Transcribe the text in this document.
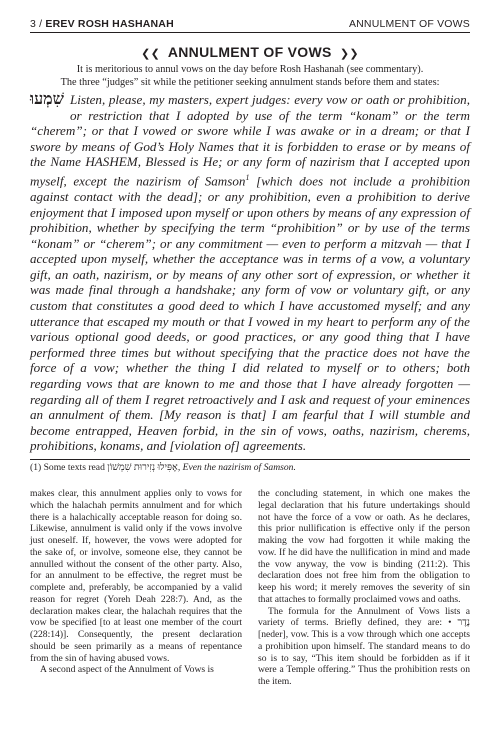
3 / EREV ROSH HASHANAH	ANNULMENT OF VOWS
❮❮ ANNULMENT OF VOWS ❯❯
It is meritorious to annul vows on the day before Rosh Hashanah (see commentary).
The three “judges” sit while the petitioner seeking annulment stands before them and states:
שִׁמְעוּ Listen, please, my masters, expert judges: every vow or oath or prohibition, or restriction that I adopted by use of the term “konam” or the term “cherem”; or that I vowed or swore while I was awake or in a dream; or that I swore by means of God’s Holy Names that it is forbidden to erase or by means of the Name HASHEM, Blessed is He; or any form of nazirism that I accepted upon myself, except the nazirism of Samson$^1$ [which does not include a prohibition against contact with the dead]; or any prohibition, even a prohibition to derive enjoyment that I imposed upon myself or upon others by means of any expression of prohibition, whether by specifying the term “prohibition” or by use of the terms “konam” or “cherem”; or any commitment — even to perform a mitzvah — that I accepted upon myself, whether the acceptance was in terms of a vow, a voluntary gift, an oath, nazirism, or by means of any other sort of expression, or whether it was made final through a handshake; any form of vow or voluntary gift, or any custom that constitutes a good deed to which I have accustomed myself; and any utterance that escaped my mouth or that I vowed in my heart to perform any of the various optional good deeds, or good practices, or any good thing that I have performed three times but without specifying that the practice does not have the force of a vow; whether the thing I did related to myself or to others; both regarding vows that are known to me and those that I have already forgotten — regarding all of them I regret retroactively and I ask and request of your eminences an annulment of them. [My reason is that] I am fearful that I will stumble and become entrapped, Heaven forbid, in the sin of vows, oaths, nazirism, cherems, prohibitions, konams, and [violation of] agreements.
(1) Some texts read אֶפִּילוּ נְזִירוּת שִׁמְשׁוֹן, Even the nazirism of Samson.

makes clear, this annulment applies only to vows for which the halachah permits annulment and for which there is a halachically acceptable reason for doing so. Likewise, annulment is valid only if the vows involve just oneself. If, however, the vows were adopted for the sake of, or involve, someone else, they cannot be annulled without the consent of the other party. Also, for an annulment to be effective, the regret must be complete and, preferably, be accompanied by a valid reason for regret (Yoreh Deah 228:7). And, as the declaration makes clear, the halachah requires that the vow be specified [to at least one member of the court (228:14)]. Consequently, the present declaration should be seen primarily as a means of repentance from the sin of having abused vows.

A second aspect of the Annulment of Vows is

the concluding statement, in which one makes the legal declaration that his future undertakings should not have the force of a vow or oath. As he declares, this prior nullification is effective only if the person making the vow had forgotten it while making the vow. If he did have the nullification in mind and made the vow anyway, the vow is binding (211:2). This declaration does not free him from the obligation to keep his word; it merely removes the severity of sin that attaches to formally proclaimed vows and oaths.

The formula for the Annulment of Vows lists a variety of terms. Briefly defined, they are: • נֶדֶר [neder], vow. This is a vow through which one accepts a prohibition upon himself. The standard means to do so is to say, “This item should be forbidden as if it were a Temple offering.” Thus the prohibition rests on the item.
